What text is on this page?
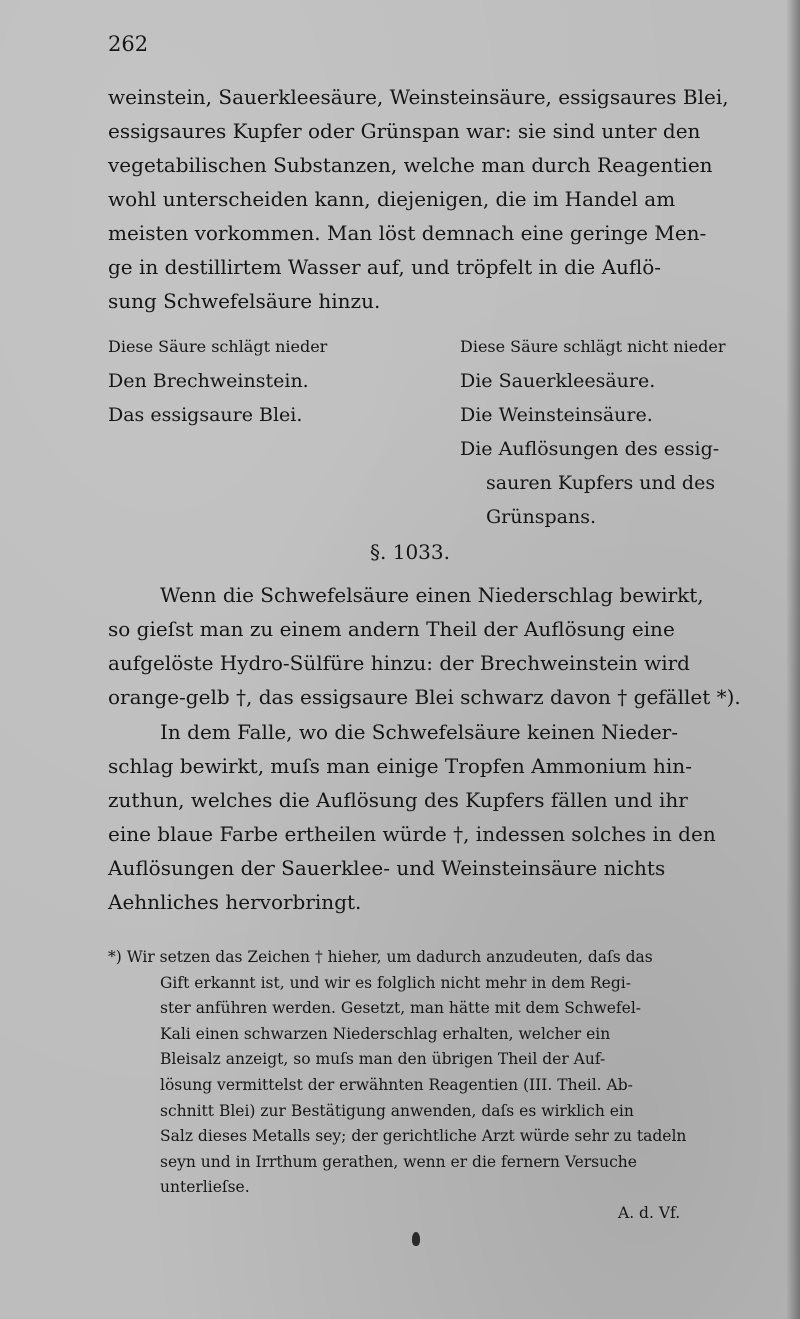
262
weinstein, Sauerkleesäure, Weinsteinsäure, essigsaures Blei,
essigsaures Kupfer oder Grünspan war: sie sind unter den
vegetabilischen Substanzen, welche man durch Reagentien
wohl unterscheiden kann, diejenigen, die im Handel am
meisten vorkommen. Man löst demnach eine geringe Men-
ge in destillirtem Wasser auf, und tröpfelt in die Auflö-
sung Schwefelsäure hinzu.
Diese Säure schlägt nieder
Den Brechweinstein.
Das essigsaure Blei.
Diese Säure schlägt nicht nieder
Die Sauerkleesäure.
Die Weinsteinsäure.
Die Auflösungen des essig-
sauren Kupfers und des
Grünspans.
§. 1033.
Wenn die Schwefelsäure einen Niederschlag bewirkt,
so gieſst man zu einem andern Theil der Auflösung eine
aufgelöste Hydro-Sülfüre hinzu: der Brechweinstein wird
orange-gelb †, das essigsaure Blei schwarz davon † gefället *).
In dem Falle, wo die Schwefelsäure keinen Nieder-
schlag bewirkt, muſs man einige Tropfen Ammonium hin-
zuthun, welches die Auflösung des Kupfers fällen und ihr
eine blaue Farbe ertheilen würde †, indessen solches in den
Auflösungen der Sauerklee- und Weinsteinsäure nichts
Aehnliches hervorbringt.
*) Wir setzen das Zeichen † hieher, um dadurch anzudeuten, daſs das
Gift erkannt ist, und wir es folglich nicht mehr in dem Regi-
ster anführen werden. Gesetzt, man hätte mit dem Schwefel-
Kali einen schwarzen Niederschlag erhalten, welcher ein
Bleisalz anzeigt, so muſs man den übrigen Theil der Auf-
lösung vermittelst der erwähnten Reagentien (III. Theil. Ab-
schnitt Blei) zur Bestätigung anwenden, daſs es wirklich ein
Salz dieses Metalls sey; der gerichtliche Arzt würde sehr zu tadeln
seyn und in Irrthum gerathen, wenn er die fernern Versuche
unterlieſse.
A. d. Vf.
